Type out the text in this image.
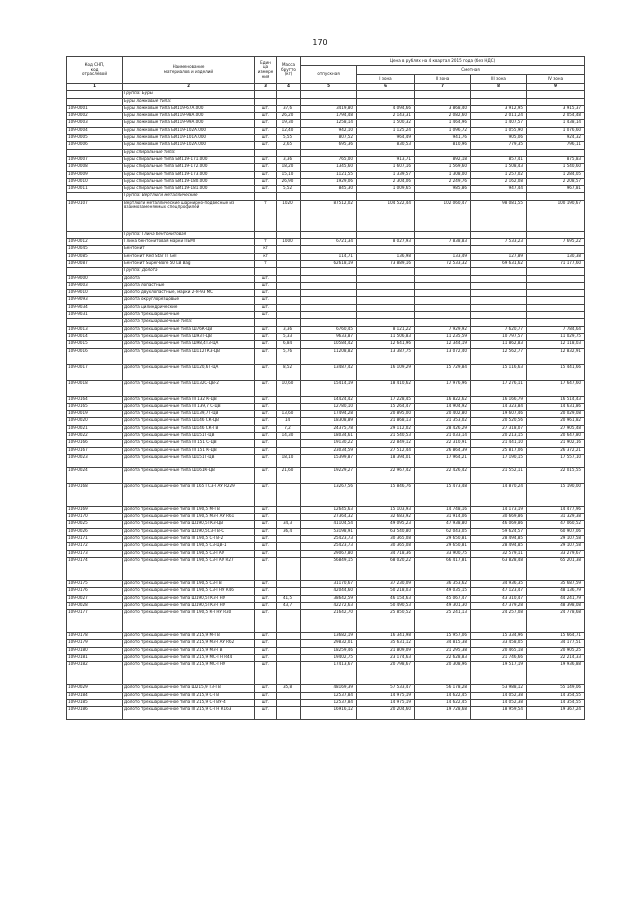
170
Код СНП,
код
отраслевой	Наименование
материалов и изделий	Един
ца
измере
ния	Масса
брутто
(кг)	Цена в рублях на 4 квартал 2015 года (без НДС)				
				отпускная	Сметная			
					I зона	II зона	III зона	IV зона
1	2	3	4	5	6	7	8	9
	Группа: Буры							
	Буры ложковые типа:							
109-0001	Буры ложковые типа БИ119-67А.000	шт.	37,6	3419,80	4 094,66	3 868,40	3 912,95	3 915,37
109-0002	Буры ложковые типа БИ119-98А.000	шт.	26,20	1794,48	2 143,31	2 082,60	2 011,24	2 054,48
109-0003	Буры ложковые типа БИ119-99А.000	шт.	19,30	1258,14	1 500,32	1 464,96	1 407,57	1 438,14
109-0004	Буры ложковые типа БИ119-102А.000	шт.	12,40	942,10	1 125,24	1 096,72	1 055,90	1 076,60
109-0005	Буры ложковые типа БИ119-101А.000	шт.	5,55	807,52	964,49	941,76	905,06	924,32
109-0006	Буры ложковые типа БИ119-102А.000	шт.	2,65	695,36	830,53	810,96	779,35	796,11
	Буры спиральные типа:							
109-0007	Буры спиральные типа БИ119-171.000	шт.	3,36	765,00	913,71	892,18	857,41	875,83
109-0008	Буры спиральные типа БИ119-172.000	шт.	18,20	1345,60	1 607,16	1 569,60	1 508,43	1 540,60
109-0009	Буры спиральные типа БИ119-173.000	шт.	15,10	1121,55	1 339,57	1 308,00	1 257,02	1 284,05
109-0010	Буры спиральные типа БИ119-180.000	шт.	26,90	1929,06	2 304,06	2 249,76	2 162,08	2 208,57
109-0011	Буры спиральные типа БИ119-181.000	шт.	5,52	845,30	1 009,65	985,86	947,44	967,81
	Группа: Вертлюги металлические							
109-0107	Вертлюги металлические шарнирно-подвесные из взаимозаменяемых спецпрофилей	т	1020	87512,02	104 522,44	102 060,47	98 081,55	100 190,67
	Группа: Глина бентонитовая							
109-0012	Глина бентонитовая марки ПБМГ	т	1000	6721,34	8 027,93	7 838,83	7 533,23	7 695,22
109-0045	Бентонит	кг						
109-0085	Бентонит Red Star IT Gel	кг		114,71	136,98	133,49	127,89	130,38
109-0087	Бентонит Super-Bore 50 LB Bag	т		62618,19	73 889,16	72 533,32	69 631,62	71 177,60
	Группа: Долота							
109-9000	Долота	шт.						
109-9003	Долота лопастные	шт.						
109-9010	Долото двухлопастные, марки 2-Я-93 МС	шт.						
109-9093	Долота округлорезцовые	шт.						
109-9034	Долота цилиндрические	шт.						
109-9031	Долота трехшарошечные	шт.						
	Долота трехшарошечные типа:							
109-0013	Долота трехшарошечные типа Ш76К-ЦВ	шт.	3,36	6760,45	8 121,22	7 929,92	7 620,77	7 784,64
109-0014	Долота трехшарошечные типа Ш93Т-ЦВ	шт.	5,33	9633,87	11 506,83	11 235,59	10 797,57	11 029,75
109-0015	Долота трехшарошечные типа Ш98,4Т3-ЦА	шт.	6,84	10584,42	12 641,96	12 344,19	11 862,83	12 118,03
109-0016	Долота трехшарошечные типа Ш112ТК3-ЦВ	шт.	5,76	11208,82	13 387,75	13 072,40	12 562,77	12 832,91
109-0017	Долота трехшарошечные типа Ш120,6Т-ЦА	шт.	8,52	13487,42	16 109,29	15 729,84	15 116,63	15 441,66
109-0018	Долота трехшарошечные типа Ш132С-ЦВ-2	шт.	10,60	15414,19	18 410,62	17 976,96	17 276,11	17 647,60
109-0164	Долота трехшарошечные типа III 132 К-ЦВ	шт.		14424,42	17 228,45	16 822,62	16 166,79	16 514,43
109-0165	Долота трехшарошечные типа III 139,7 С-ЦВ	шт.		12780,10	15 264,47	14 904,92	14 323,84	14 631,86
109-0019	Долота трехшарошечные типа Ш139,7Т-ЦВ	шт.	13,60	17494,28	20 895,00	20 402,80	19 607,46	20 029,08
109-0020	Долота трехшарошечные типа Ш146 СК-ЦВ	шт.	14	18308,89	21 868,13	21 353,02	20 520,56	20 961,82
109-0021	Долота трехшарошечные типа Ш146 СК-ГВ	шт.	7,2	24375,78	29 112,02	28 426,29	27 318,07	27 905,48
109-0022	Долота трехшарошечные типа Ш151Т-ЦВ	шт.	14,30	18034,61	21 540,53	21 033,14	20 213,15	20 647,80
109-0166	Долота трехшарошечные типа III 151 С-ЦВ	шт.		19130,22	22 849,12	22 310,91	21 441,10	21 902,16
109-0167	Долота трехшарошечные типа III 151 К-ЦВ	шт.		23034,59	27 512,44	26 864,39	25 817,06	26 372,21
109-0023	Долота трехшарошечные типа Ш151Т-ЦВ	шт.	18,10	15399,87	18 394,01	17 964,21	17 190,15	17 557,10
109-0024	Долота трехшарошечные типа Ш161К-ЦВ	шт.	21,60	19229,27	22 967,42	22 426,42	21 552,11	22 015,55
109-0168	Долото трехшарошечное типа III 165 I С3-ГАУ R229	шт.		13267,56	15 846,76	15 473,48	14 870,24	15 190,00
109-0169	Долото трехшарошечное типа III 190,5 М-ГВ	шт.		12645,63	15 103,93	14 748,16	14 173,19	14 477,96
109-0170	Долото трехшарошечное типа III 190,5 МЗ-ГАУ R61	шт.		27364,32	32 683,92	31 914,06	30 669,86	31 329,38
109-0025	Долото трехшарошечное типа Ш190,5ТКЗ-ЦВ	шт.	34,3	41104,54	49 095,23	47 938,80	46 069,86	47 060,52
109-0026	Долото трехшарошечное типа Ш190,5С3-ГВ-С	шт.	36,4	53198,91	63 540,80	62 043,05	59 624,57	60 907,06
109-0171	Долото трехшарошечное типа III 190,5 С-ГВ-2	шт.		25423,73	30 365,08	29 650,81	28 494,85	29 107,58
109-0172	Долото трехшарошечное типа III 190,5 С3-ЦВ-1	шт.		25423,73	30 365,08	29 650,81	28 494,85	29 107,58
109-0173	Долото трехшарошечное типа III 190,5 С3-ГАУ	шт.		29067,80	34 718,36	33 900,75	32 579,11	33 279,67
109-0174	Долото трехшарошечное типа III 190,5 С3-ГАУ R27	шт.		56849,15	68 020,22	66 417,81	63 828,48	65 201,38
109-0175	Долото трехшарошечное типа III 190,5 С3-ГВ	шт.		31170,67	37 230,09	36 353,62	34 936,35	35 687,59
109-0176	Долото трехшарошечное типа III 190,5 С3-ГНУ R46	шт.		42044,60	50 218,03	49 035,15	47 123,47	48 136,79
109-0027	Долото трехшарошечное типа Ш190,5ТКЗ-ГНУ	шт.	41,5	38642,59	46 154,63	45 067,47	43 310,47	44 241,79
109-0028	Долото трехшарошечное типа Ш190,5ТКЗ-ГНУ	шт.	43,7	42272,63	50 490,53	49 301,30	47 379,28	48 398,08
109-0177	Долото трехшарошечное типа III 190,5 К-ГНУ R30	шт.		21642,70	25 850,52	25 241,13	24 257,08	24 778,68
109-0178	Долото трехшарошечное типа III 215,9 М-ГВ	шт.		13682,19	16 341,98	15 957,06	15 334,96	15 664,71
109-0179	Долото трехшарошечное типа III 215,9 МЗ-ГАУ R62	шт.		29832,01	35 631,12	34 815,38	33 458,05	34 177,51
109-0180	Долото трехшарошечное типа III 215,9 МЗ-ГВ	шт.		18259,46	21 809,09	21 295,38	20 465,18	20 905,25
109-0181	Долото трехшарошечное типа III 215,9 МС-ГН R44	шт.		19402,75	23 174,63	22 628,83	21 746,66	22 214,33
109-0182	Долото трехшарошечное типа III 215,9 МС-ГНУ	шт.		17413,67	20 798,67	20 308,96	19 517,19	19 936,88
109-0029	Долото трехшарошечное типа Ш215,9 ТЗ-ГВ	шт.	35,8	48169,39	57 533,47	56 178,28	53 988,12	55 149,06
109-0184	Долото трехшарошечное типа III 215,9 С-ГВ	шт.		12537,84	14 975,19	14 622,45	14 052,38	14 354,55
109-0185	Долото трехшарошечное типа III 215,9 С-ГВУ-4	шт.		12537,84	14 975,19	14 622,45	14 052,38	14 354,55
109-0186	Долото трехшарошечное типа III 215,9 С-ГН R163	шт.		16916,12	20 204,60	19 728,68	18 959,54	19 367,24
